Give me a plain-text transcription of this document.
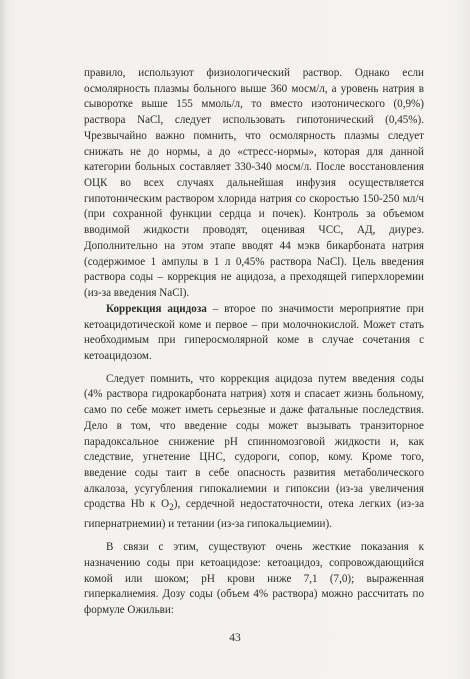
правило, используют физиологический раствор. Однако если осмолярность плазмы больного выше 360 мосм/л, а уровень натрия в сыворотке выше 155 ммоль/л, то вместо изотонического (0,9%) раствора NaCl, следует использовать гипотонический (0,45%). Чрезвычайно важно помнить, что осмолярность плазмы следует снижать не до нормы, а до «стресс-нормы», которая для данной категории больных составляет 330-340 мосм/л. После восстановления ОЦК во всех случаях дальнейшая инфузия осуществляется гипотоническим раствором хлорида натрия со скоростью 150-250 мл/ч (при сохранной функции сердца и почек). Контроль за объемом вводимой жидкости проводят, оценивая ЧСС, АД, диурез. Дополнительно на этом этапе вводят 44 мэкв бикарбоната натрия (содержимое 1 ампулы в 1 л 0,45% раствора NaCl). Цель введения раствора соды – коррекция не ацидоза, а преходящей гиперхлоремии (из-за введения NaCl).

Коррекция ацидоза – второе по значимости мероприятие при кетоацидотической коме и первое – при молочнокислой. Может стать необходимым при гиперосмолярной коме в случае сочетания с кетоацидозом.

Следует помнить, что коррекция ацидоза путем введения соды (4% раствора гидрокарбоната натрия) хотя и спасает жизнь больному, само по себе может иметь серьезные и даже фатальные последствия. Дело в том, что введение соды может вызывать транзиторное парадоксальное снижение pH спинномозговой жидкости и, как следствие, угнетение ЦНС, судороги, сопор, кому. Кроме того, введение соды таит в себе опасность развития метаболического алкалоза, усугубления гипокалиемии и гипоксии (из-за увеличения сродства Hb к $O_2$), сердечной недостаточности, отека легких (из-за гипернатриемии) и тетании (из-за гипокальциемии).

В связи с этим, существуют очень жесткие показания к назначению соды при кетоацидозе: кетоацидоз, сопровождающийся комой или шоком; pH крови ниже 7,1 (7,0); выраженная гиперкалиемия. Дозу соды (объем 4% раствора) можно рассчитать по формуле Ожильви:

43
